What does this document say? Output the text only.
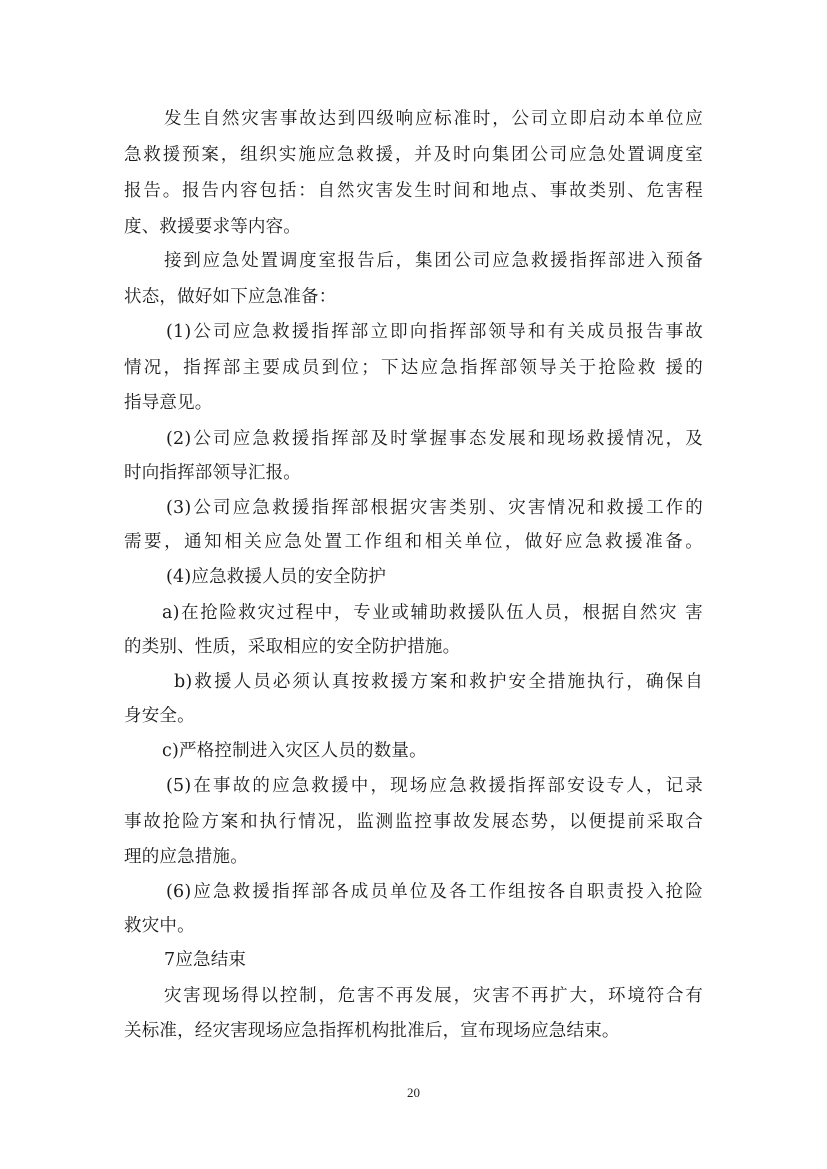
发生自然灾害事故达到四级响应标准时，公司立即启动本单位应
急救援预案，组织实施应急救援，并及时向集团公司应急处置调度室
报告。报告内容包括：自然灾害发生时间和地点、事故类别、危害程
度、救援要求等内容。
接到应急处置调度室报告后，集团公司应急救援指挥部进入预备
状态，做好如下应急准备：
(1)公司应急救援指挥部立即向指挥部领导和有关成员报告事故
情况，指挥部主要成员到位；下达应急指挥部领导关于抢险救 援的
指导意见。
(2)公司应急救援指挥部及时掌握事态发展和现场救援情况，及
时向指挥部领导汇报。
(3)公司应急救援指挥部根据灾害类别、灾害情况和救援工作的
需要，通知相关应急处置工作组和相关单位，做好应急救援准备。
(4)应急救援人员的安全防护
a)在抢险救灾过程中，专业或辅助救援队伍人员，根据自然灾 害
的类别、性质，采取相应的安全防护措施。
b)救援人员必须认真按救援方案和救护安全措施执行，确保自
身安全。
c)严格控制进入灾区人员的数量。
(5)在事故的应急救援中，现场应急救援指挥部安设专人，记录
事故抢险方案和执行情况，监测监控事故发展态势，以便提前采取合
理的应急措施。
(6)应急救援指挥部各成员单位及各工作组按各自职责投入抢险
救灾中。
7应急结束
灾害现场得以控制，危害不再发展，灾害不再扩大，环境符合有
关标准，经灾害现场应急指挥机构批准后，宣布现场应急结束。
20
